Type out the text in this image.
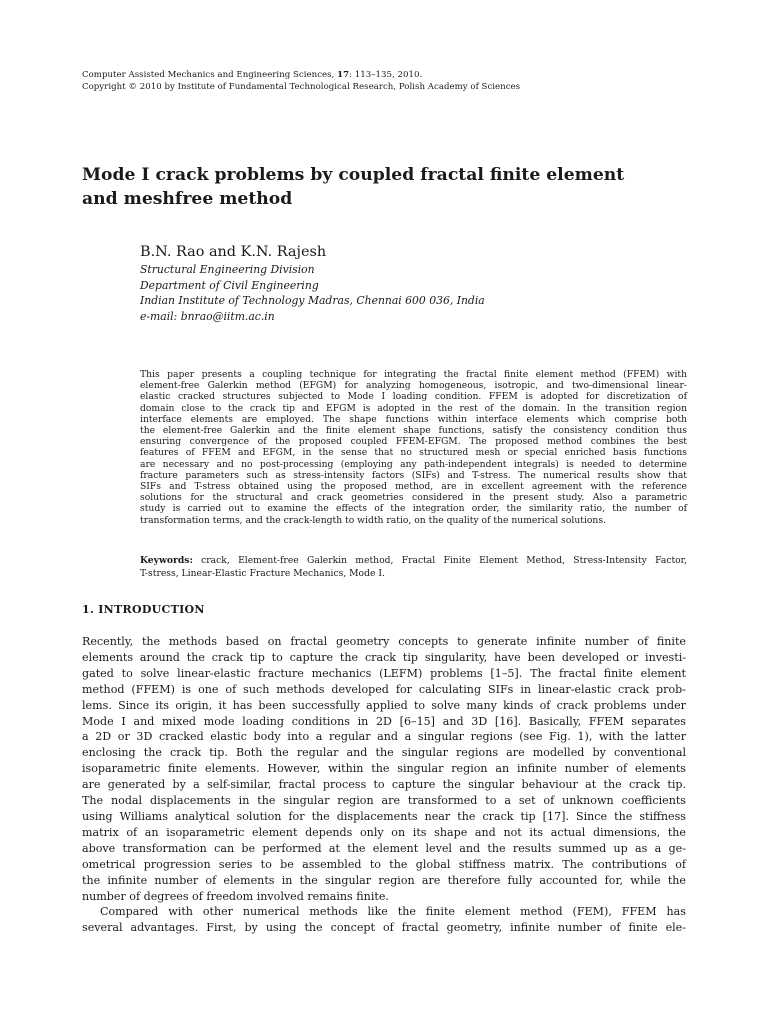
Computer Assisted Mechanics and Engineering Sciences, 17: 113–135, 2010.
Copyright © 2010 by Institute of Fundamental Technological Research, Polish Academy of Sciences
Mode I crack problems by coupled fractal finite element
and meshfree method
B.N. Rao and K.N. Rajesh
Structural Engineering Division
Department of Civil Engineering
Indian Institute of Technology Madras, Chennai 600 036, India
e-mail: bnrao@iitm.ac.in
This paper presents a coupling technique for integrating the fractal finite element method (FFEM) with
element-free Galerkin method (EFGM) for analyzing homogeneous, isotropic, and two-dimensional linear-
elastic cracked structures subjected to Mode I loading condition. FFEM is adopted for discretization of
domain close to the crack tip and EFGM is adopted in the rest of the domain. In the transition region
interface elements are employed. The shape functions within interface elements which comprise both
the element-free Galerkin and the finite element shape functions, satisfy the consistency condition thus
ensuring convergence of the proposed coupled FFEM-EFGM. The proposed method combines the best
features of FFEM and EFGM, in the sense that no structured mesh or special enriched basis functions
are necessary and no post-processing (employing any path-independent integrals) is needed to determine
fracture parameters such as stress-intensity factors (SIFs) and T-stress. The numerical results show that
SIFs and T-stress obtained using the proposed method, are in excellent agreement with the reference
solutions for the structural and crack geometries considered in the present study. Also a parametric
study is carried out to examine the effects of the integration order, the similarity ratio, the number of
transformation terms, and the crack-length to width ratio, on the quality of the numerical solutions.
Keywords: crack, Element-free Galerkin method, Fractal Finite Element Method, Stress-Intensity Factor,
T-stress, Linear-Elastic Fracture Mechanics, Mode I.
1. INTRODUCTION
Recently, the methods based on fractal geometry concepts to generate infinite number of finite
elements around the crack tip to capture the crack tip singularity, have been developed or investi-
gated to solve linear-elastic fracture mechanics (LEFM) problems [1–5]. The fractal finite element
method (FFEM) is one of such methods developed for calculating SIFs in linear-elastic crack prob-
lems. Since its origin, it has been successfully applied to solve many kinds of crack problems under
Mode I and mixed mode loading conditions in 2D [6–15] and 3D [16]. Basically, FFEM separates
a 2D or 3D cracked elastic body into a regular and a singular regions (see Fig. 1), with the latter
enclosing the crack tip. Both the regular and the singular regions are modelled by conventional
isoparametric finite elements. However, within the singular region an infinite number of elements
are generated by a self-similar, fractal process to capture the singular behaviour at the crack tip.
The nodal displacements in the singular region are transformed to a set of unknown coefficients
using Williams analytical solution for the displacements near the crack tip [17]. Since the stiffness
matrix of an isoparametric element depends only on its shape and not its actual dimensions, the
above transformation can be performed at the element level and the results summed up as a ge-
ometrical progression series to be assembled to the global stiffness matrix. The contributions of
the infinite number of elements in the singular region are therefore fully accounted for, while the
number of degrees of freedom involved remains finite.
Compared with other numerical methods like the finite element method (FEM), FFEM has
several advantages. First, by using the concept of fractal geometry, infinite number of finite ele-
